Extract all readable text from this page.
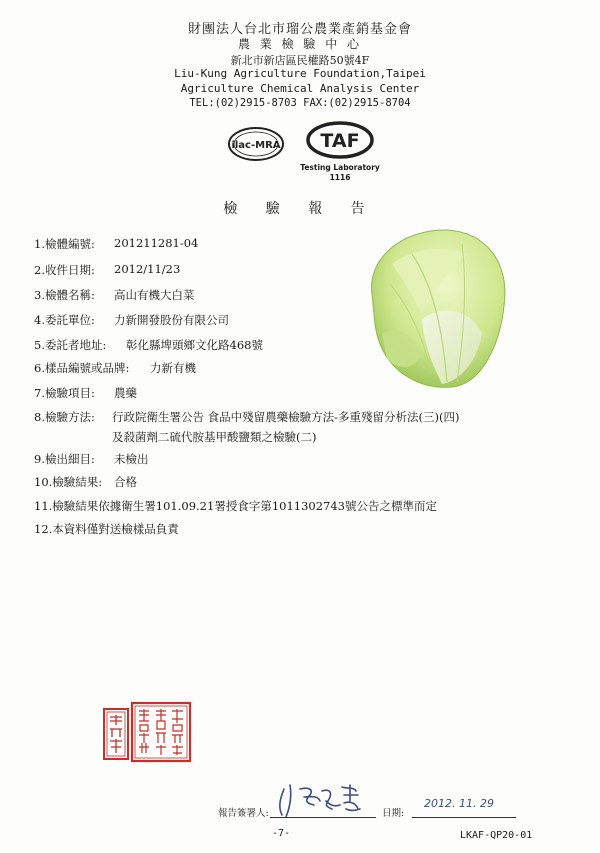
財團法人台北市瑠公農業產銷基金會
農 業 檢 驗 中 心
新北市新店區民權路50號4F
Liu-Kung Agriculture Foundation,Taipei
Agriculture Chemical Analysis Center
TEL:(02)2915-8703 FAX:(02)2915-8704
ilac-MRA TAF
Testing Laboratory
1116
檢 驗 報 告
1.檢體編號: 201211281-04
2.收件日期: 2012/11/23
3.檢體名稱: 高山有機大白菜
4.委託單位: 力新開發股份有限公司
5.委託者地址: 彰化縣埤頭鄉文化路468號
6.樣品編號或品牌: 力新有機
7.檢驗項目: 農藥
8.檢驗方法: 行政院衛生署公告 食品中殘留農藥檢驗方法-多重殘留分析法(三)(四)
及殺菌劑二硫代胺基甲酸鹽類之檢驗(二)
9.檢出細目: 未檢出
10.檢驗結果: 合格
11.檢驗結果依據衛生署101.09.21署授食字第1011302743號公告之標準而定
12.本資料僅對送檢樣品負責
報告簽署人:	日期:
2012. 11. 29
-7-	LKAF-QP20-01
